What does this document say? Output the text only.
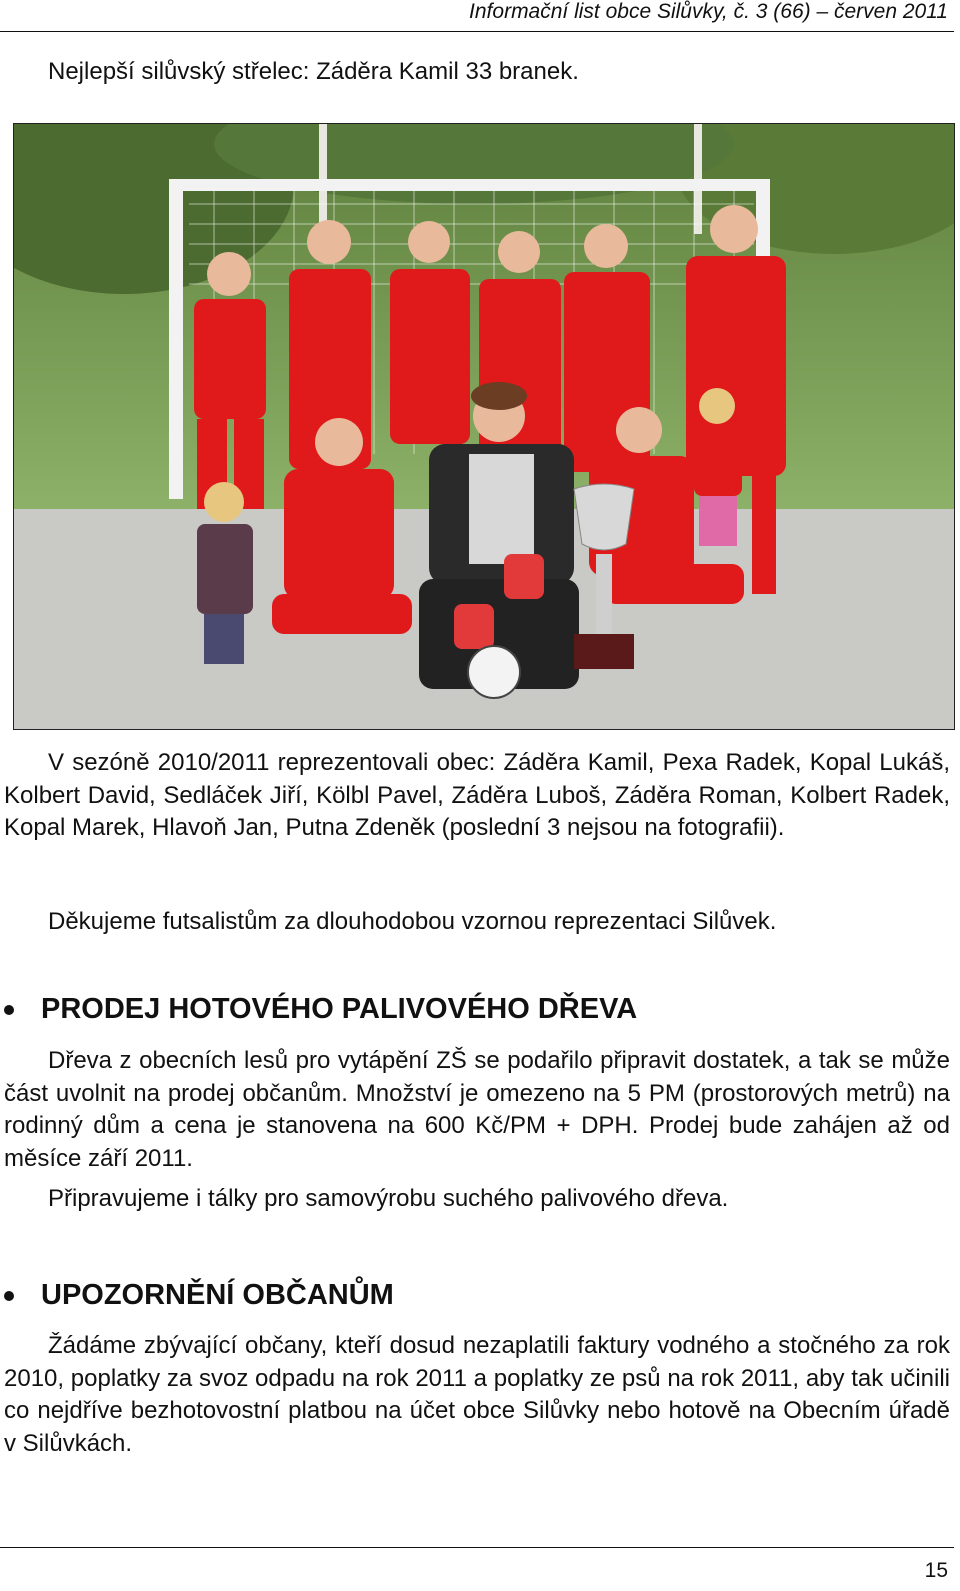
Informační list obce Silůvky, č. 3 (66) – červen 2011

Nejlepší silůvský střelec: Záděra Kamil 33 branek.

V sezóně 2010/2011 reprezentovali obec: Záděra Kamil, Pexa Radek, Kopal Lukáš, Kolbert David, Sedláček Jiří, Kölbl Pavel, Záděra Luboš, Záděra Roman, Kolbert Radek, Kopal Marek, Hlavoň Jan, Putna Zdeněk (poslední 3 nejsou na fotografii).

Děkujeme futsalistům za dlouhodobou vzornou reprezentaci Silůvek.

PRODEJ HOTOVÉHO PALIVOVÉHO DŘEVA

Dřeva z obecních lesů pro vytápění ZŠ se podařilo připravit dostatek, a tak se může část uvolnit na prodej občanům. Množství je omezeno na 5 PM (prostorových metrů) na rodinný dům a cena je stanovena na 600 Kč/PM + DPH. Prodej bude zahájen až od měsíce září 2011.

Připravujeme i tálky pro samovýrobu suchého palivového dřeva.

UPOZORNĚNÍ OBČANŮM

Žádáme zbývající občany, kteří dosud nezaplatili faktury vodného a stočného za rok 2010, poplatky za svoz odpadu na rok 2011 a poplatky ze psů na rok 2011, aby tak učinili co nejdříve bezhotovostní platbou na účet obce Silůvky nebo hotově na Obecním úřadě v Silůvkách.

15
